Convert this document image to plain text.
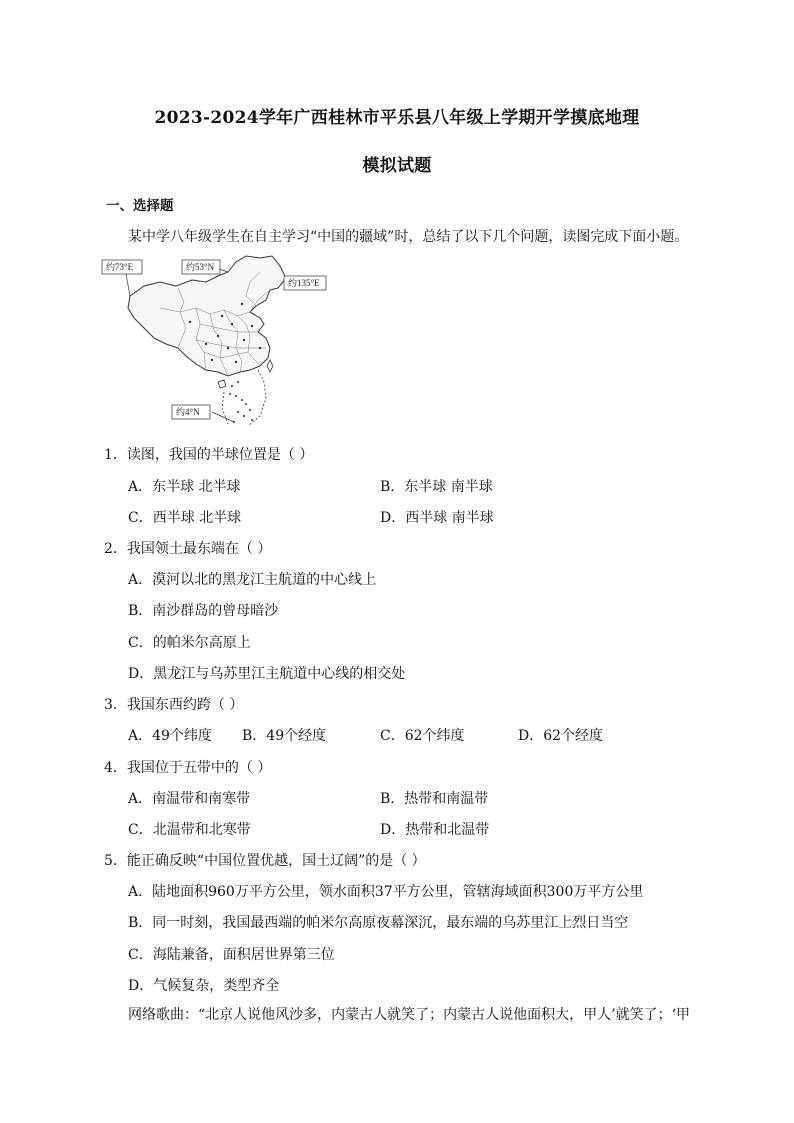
2023-2024学年广西桂林市平乐县八年级上学期开学摸底地理
模拟试题
一、选择题
某中学八年级学生在自主学习“中国的疆域”时，总结了以下几个问题，读图完成下面小题。
约73°E	约53°N
约135°E
约4°N
1．读图，我国的半球位置是（ ）
A．东半球 北半球	B．东半球 南半球
C．西半球 北半球	D．西半球 南半球
2．我国领土最东端在（ ）
A．漠河以北的黑龙江主航道的中心线上
B．南沙群岛的曾母暗沙
C．的帕米尔高原上
D．黑龙江与乌苏里江主航道中心线的相交处
3．我国东西约跨（ ）
A．49个纬度 B．49个经度	C．62个纬度	D．62个经度
4．我国位于五带中的（ ）
A．南温带和南寒带	B．热带和南温带
C．北温带和北寒带	D．热带和北温带
5．能正确反映“中国位置优越，国土辽阔”的是（ ）
A．陆地面积960万平方公里，领水面积37平方公里，管辖海域面积300万平方公里
B．同一时刻，我国最西端的帕米尔高原夜幕深沉，最东端的乌苏里江上烈日当空
C．海陆兼备，面积居世界第三位
D．气候复杂，类型齐全
网络歌曲：“北京人说他风沙多，内蒙古人就笑了；内蒙古人说他面积大，甲人’就笑了；‘甲
